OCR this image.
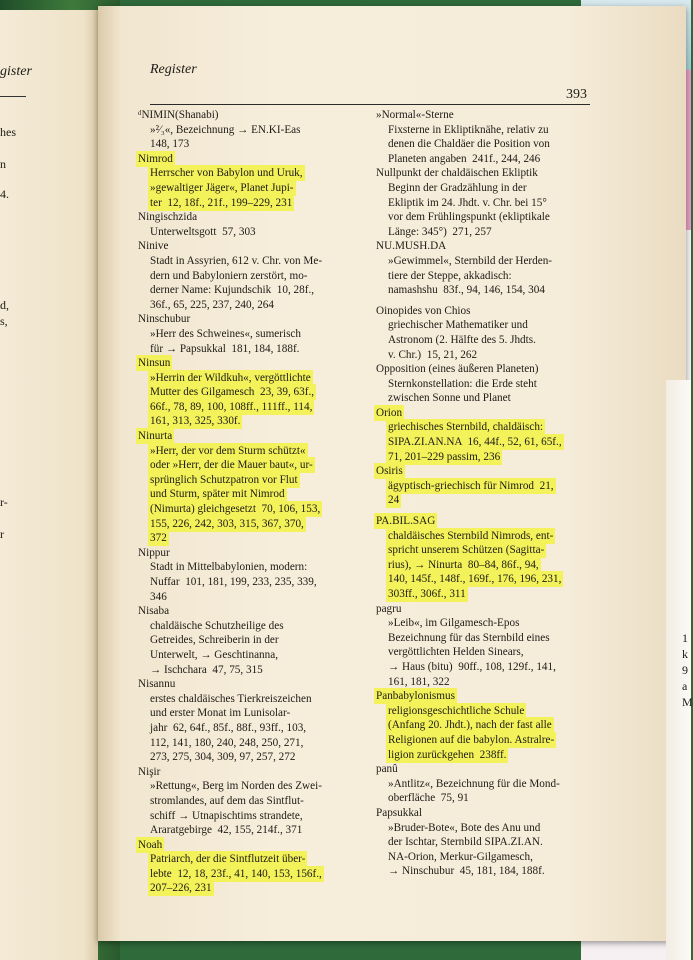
gister
hes
n
4.
d,
s,
r-
r
1
k
9
a
M
Register
393
ᵈNIMIN(Shanabi)
»²⁄₃«, Bezeichnung → EN.KI-Eas
148, 173
Nimrod
Herrscher von Babylon und Uruk,
»gewaltiger Jäger«, Planet Jupi-
ter  12, 18f., 21f., 199–229, 231
Ningischzida
Unterweltsgott  57, 303
Ninive
Stadt in Assyrien, 612 v. Chr. von Me-
dern und Babyloniern zerstört, mo-
derner Name: Kujundschik  10, 28f.,
36f., 65, 225, 237, 240, 264
Ninschubur
»Herr des Schweines«, sumerisch
für → Papsukkal  181, 184, 188f.
Ninsun
»Herrin der Wildkuh«, vergöttlichte
Mutter des Gilgamesch  23, 39, 63f.,
66f., 78, 89, 100, 108ff., 111ff., 114,
161, 313, 325, 330f.
Ninurta
»Herr, der vor dem Sturm schützt«
oder »Herr, der die Mauer baut«, ur-
sprünglich Schutzpatron vor Flut
und Sturm, später mit Nimrod
(Nimurta) gleichgesetzt  70, 106, 153,
155, 226, 242, 303, 315, 367, 370,
372
Nippur
Stadt in Mittelbabylonien, modern:
Nuffar  101, 181, 199, 233, 235, 339,
346
Nisaba
chaldäische Schutzheilige des
Getreides, Schreiberin in der
Unterwelt, → Geschtinanna,
→ Ischchara  47, 75, 315
Nisannu
erstes chaldäisches Tierkreiszeichen
und erster Monat im Lunisolar-
jahr  62, 64f., 85f., 88f., 93ff., 103,
112, 141, 180, 240, 248, 250, 271,
273, 275, 304, 309, 97, 257, 272
Nişir
»Rettung«, Berg im Norden des Zwei-
stromlandes, auf dem das Sintflut-
schiff → Utnapischtims strandete,
Araratgebirge  42, 155, 214f., 371
Noah
Patriarch, der die Sintflutzeit über-
lebte  12, 18, 23f., 41, 140, 153, 156f.,
207–226, 231
»Normal«-Sterne
Fixsterne in Ekliptiknähe, relativ zu
denen die Chaldäer die Position von
Planeten angaben  241f., 244, 246
Nullpunkt der chaldäischen Ekliptik
Beginn der Gradzählung in der
Ekliptik im 24. Jhdt. v. Chr. bei 15°
vor dem Frühlingspunkt (ekliptikale
Länge: 345°)  271, 257
NU.MUSH.DA
»Gewimmel«, Sternbild der Herden-
tiere der Steppe, akkadisch:
namashshu  83f., 94, 146, 154, 304
Oinopides von Chios
griechischer Mathematiker und
Astronom (2. Hälfte des 5. Jhdts.
v. Chr.)  15, 21, 262
Opposition (eines äußeren Planeten)
Sternkonstellation: die Erde steht
zwischen Sonne und Planet
Orion
griechisches Sternbild, chaldäisch:
SIPA.ZI.AN.NA  16, 44f., 52, 61, 65f.,
71, 201–229 passim, 236
Osiris
ägyptisch-griechisch für Nimrod  21,
24
PA.BIL.SAG
chaldäisches Sternbild Nimrods, ent-
spricht unserem Schützen (Sagitta-
rius), → Ninurta  80–84, 86f., 94,
140, 145f., 148f., 169f., 176, 196, 231,
303ff., 306f., 311
pagru
»Leib«, im Gilgamesch-Epos
Bezeichnung für das Sternbild eines
vergöttlichten Helden Sinears,
→ Haus (bitu)  90ff., 108, 129f., 141,
161, 181, 322
Panbabylonismus
religionsgeschichtliche Schule
(Anfang 20. Jhdt.), nach der fast alle
Religionen auf die babylon. Astralre-
ligion zurückgehen  238ff.
panû
»Antlitz«, Bezeichnung für die Mond-
oberfläche  75, 91
Papsukkal
»Bruder-Bote«, Bote des Anu und
der Ischtar, Sternbild SIPA.ZI.AN.
NA-Orion, Merkur-Gilgamesch,
→ Ninschubur  45, 181, 184, 188f.
